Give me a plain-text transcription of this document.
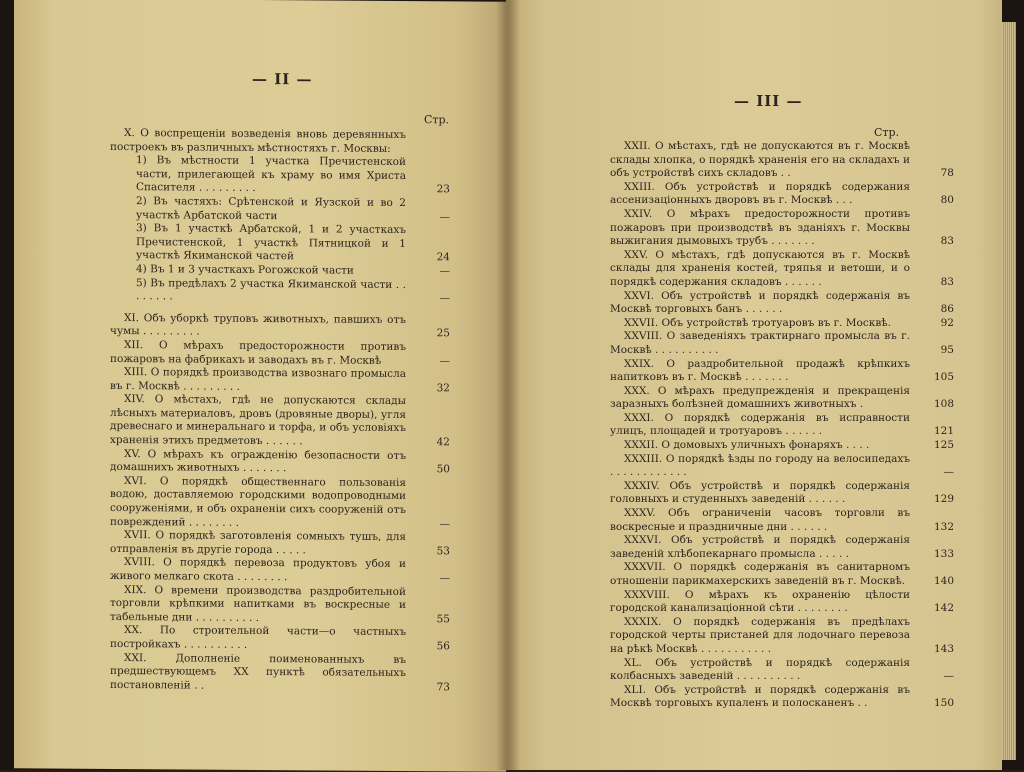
— II —
Стр.
X. О воспрещенiи возведенiя вновь деревянныхъ построекъ въ различныхъ мѣстностяхъ г. Москвы:
1) Въ мѣстности 1 участка Пречистенской части, прилегающей къ храму во имя Христа Спасителя . . . . . . . . .	23
2) Въ частяхъ: Срѣтенской и Яузской и во 2 участкѣ Арбатской части	—
3) Въ 1 участкѣ Арбатской, 1 и 2 участкахъ Пречистенской, 1 участкѣ Пятницкой и 1 участкѣ Якиманской частей	24
4) Въ 1 и 3 участкахъ Рогожской части	—
5) Въ предѣлахъ 2 участка Якиманской части . . . . . . . .	—
XI. Объ уборкѣ труповъ животныхъ, павшихъ отъ чумы . . . . . . . . .	25
XII. О мѣрахъ предосторожности противъ пожаровъ на фабрикахъ и заводахъ въ г. Москвѣ	—
XIII. О порядкѣ производства извознаго промысла въ г. Москвѣ . . . . . . . . .	32
XIV. О мѣстахъ, гдѣ не допускаются склады лѣсныхъ материаловъ, дровъ (дровяные дворы), угля древеснаго и минеральнаго и торфа, и объ условiяхъ храненiя этихъ предметовъ . . . . . .	42
XV. О мѣрахъ къ огражденiю безопасности отъ домашнихъ животныхъ . . . . . . .	50
XVI. О порядкѣ общественнаго пользованiя водою, доставляемою городскими водопроводными сооруженiями, и объ охраненiи сихъ сооруженiй отъ повреждений . . . . . . . .	—
XVII. О порядкѣ заготовленiя сомныхъ тушъ, для отправленiя въ другiе города . . . . .	53
XVIII. О порядкѣ перевоза продуктовъ убоя и живого мелкаго скота . . . . . . . .	—
XIX. О времени производства раздробительной торговли крѣпкими напитками въ воскресные и табельные дни . . . . . . . . . .	55
XX. По строительной части—о частныхъ постройкахъ . . . . . . . . . .	56
XXI. Дополненiе поименованныхъ въ предшествующемъ XX пунктѣ обязательныхъ постановленiй . .	73
— III —
Стр.
XXII. О мѣстахъ, гдѣ не допускаются въ г. Москвѣ склады хлопка, о порядкѣ храненiя его на складахъ и объ устройствѣ сихъ складовъ . .	78
XXIII. Объ устройствѣ и порядкѣ содержания ассенизацiонныхъ дворовъ въ г. Москвѣ . . .	80
XXIV. О мѣрахъ предосторожности противъ пожаровъ при производствѣ въ зданiяхъ г. Москвы выжигания дымовыхъ трубъ . . . . . . .	83
XXV. О мѣстахъ, гдѣ допускаются въ г. Москвѣ склады для храненiя костей, тряпья и ветоши, и о порядкѣ содержания складовъ . . . . . .	83
XXVI. Объ устройствѣ и порядкѣ содержанiя въ Москвѣ торговыхъ банъ . . . . . .	86
XXVII. Объ устройствѣ тротуаровъ въ г. Москвѣ.	92
XXVIII. О заведенiяхъ трактирнаго промысла въ г. Москвѣ . . . . . . . . . .	95
XXIX. О раздробительной продажѣ крѣпкихъ напитковъ въ г. Москвѣ . . . . . . .	105
XXX. О мѣрахъ предупрежденiя и прекращенiя заразныхъ болѣзней домашнихъ животныхъ .	108
XXXI. О порядкѣ содержанiя въ исправности улицъ, площадей и тротуаровъ . . . . . .	121
XXXII. О домовыхъ уличныхъ фонаряхъ . . . .	125
XXXIII. О порядкѣ ѣзды по городу на велосипедахъ . . . . . . . . . . . .	—
XXXIV. Объ устройствѣ и порядкѣ содержанiя головныхъ и студенныхъ заведенiй . . . . . .	129
XXXV. Объ ограниченiи часовъ торговли въ воскресные и праздничные дни . . . . . .	132
XXXVI. Объ устройствѣ и порядкѣ содержанiя заведенiй хлѣбопекарнаго промысла . . . . .	133
XXXVII. О порядкѣ содержанiя въ санитарномъ отношенiи парикмахерскихъ заведенiй въ г. Москвѣ.	140
XXXVIII. О мѣрахъ къ охраненiю цѣлости городской канализацiонной сѣти . . . . . . . .	142
XXXIX. О порядкѣ содержанiя въ предѣлахъ городской черты пристаней для лодочнаго перевоза на рѣкѣ Москвѣ . . . . . . . . . . .	143
XL. Объ устройствѣ и порядкѣ содержанiя колбасныхъ заведенiй . . . . . . . . . .	—
XLI. Объ устройствѣ и порядкѣ содержанiя въ Москвѣ торговыхъ купаленъ и полосканенъ . .	150
